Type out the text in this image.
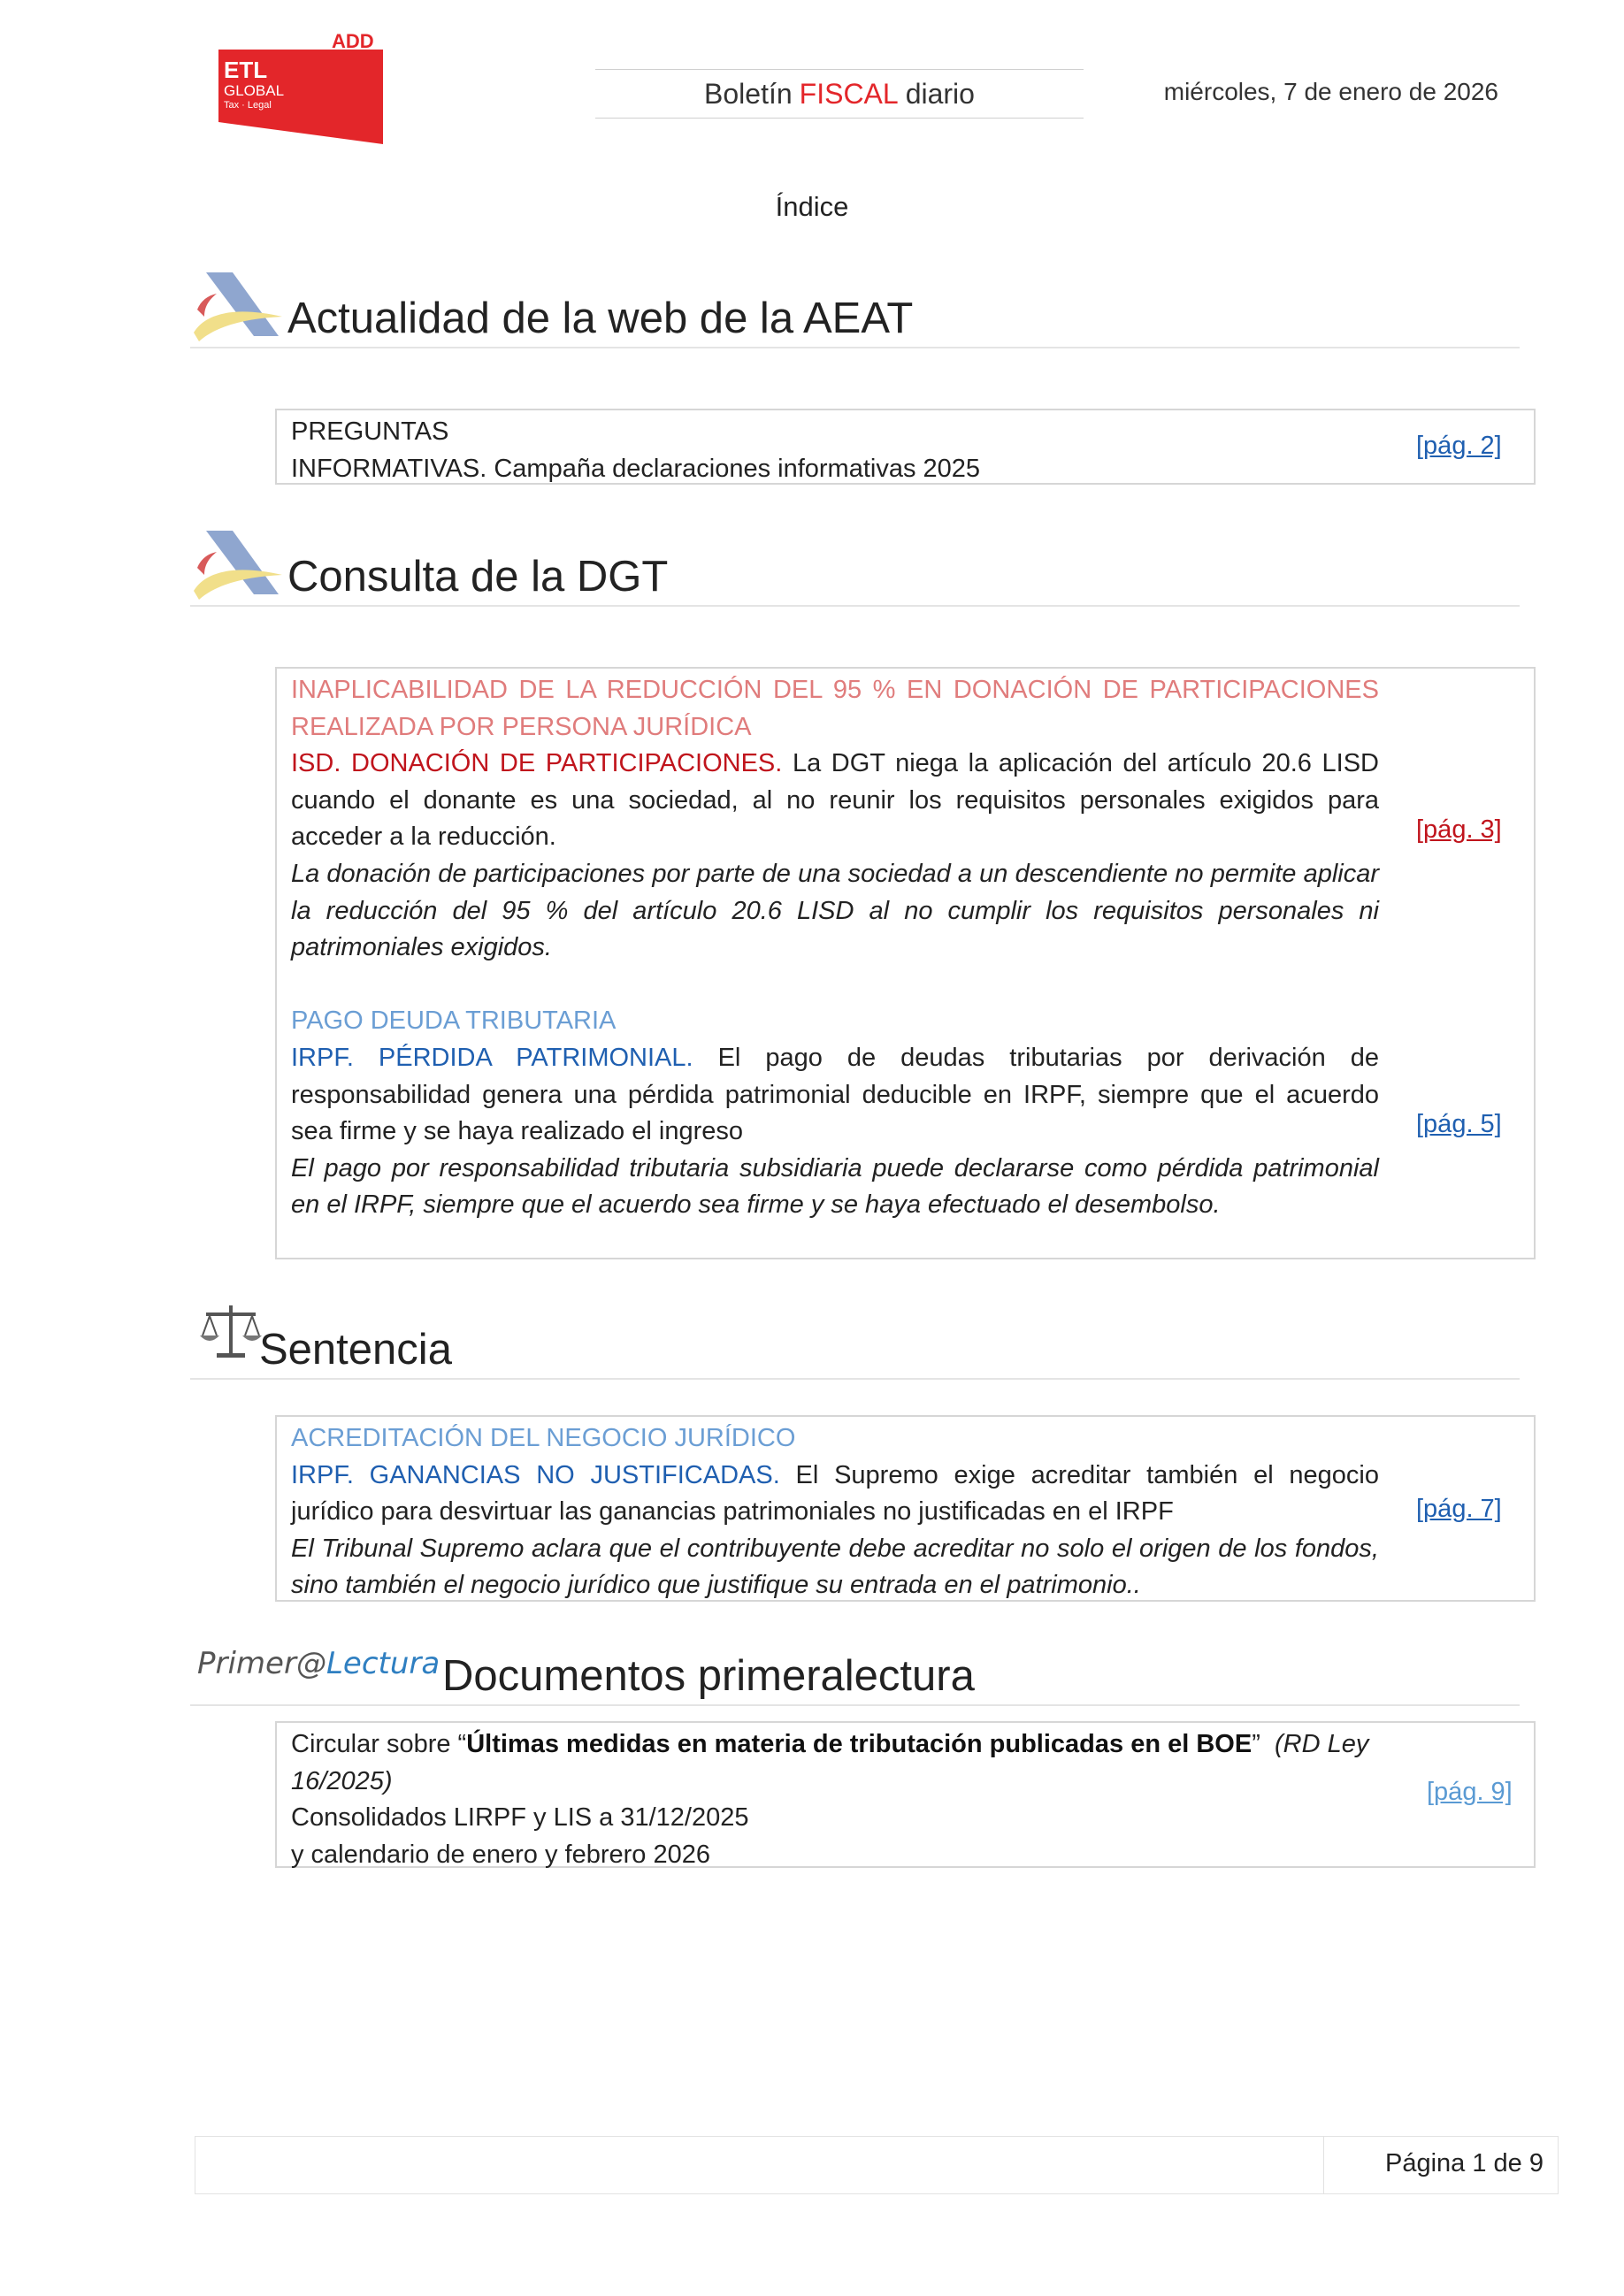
ADD
ETL
GLOBAL
Tax · Legal	Boletín FISCAL diario	miércoles, 7 de enero de 2026
Índice
Actualidad de la web de la AEAT

PREGUNTAS

INFORMATIVAS. Campaña declaraciones informativas 2025

[pág. 2]
Consulta de la DGT

INAPLICABILIDAD DE LA REDUCCIÓN DEL 95 % EN DONACIÓN DE PARTICIPACIONES REALIZADA POR PERSONA JURÍDICA

ISD. DONACIÓN DE PARTICIPACIONES. La DGT niega la aplicación del artículo 20.6 LISD cuando el donante es una sociedad, al no reunir los requisitos personales exigidos para acceder a la reducción.

La donación de participaciones por parte de una sociedad a un descendiente no permite aplicar la reducción del 95 % del artículo 20.6 LISD al no cumplir los requisitos personales ni patrimoniales exigidos.

PAGO DEUDA TRIBUTARIA

IRPF. PÉRDIDA PATRIMONIAL. El pago de deudas tributarias por derivación de responsabilidad genera una pérdida patrimonial deducible en IRPF, siempre que el acuerdo sea firme y se haya realizado el ingreso

El pago por responsabilidad tributaria subsidiaria puede declararse como pérdida patrimonial en el IRPF, siempre que el acuerdo sea firme y se haya efectuado el desembolso.

[pág. 3]
[pág. 5]
Sentencia

ACREDITACIÓN DEL NEGOCIO JURÍDICO

IRPF. GANANCIAS NO JUSTIFICADAS. El Supremo exige acreditar también el negocio jurídico para desvirtuar las ganancias patrimoniales no justificadas en el IRPF

El Tribunal Supremo aclara que el contribuyente debe acreditar no solo el origen de los fondos, sino también el negocio jurídico que justifique su entrada en el patrimonio..

[pág. 7]
Primer@Lectura Documentos primeralectura

Circular sobre “Últimas medidas en materia de tributación publicadas en el BOE” (RD Ley 16/2025)

Consolidados LIRPF y LIS a 31/12/2025

y calendario de enero y febrero 2026

[pág. 9]
Página 1 de 9
